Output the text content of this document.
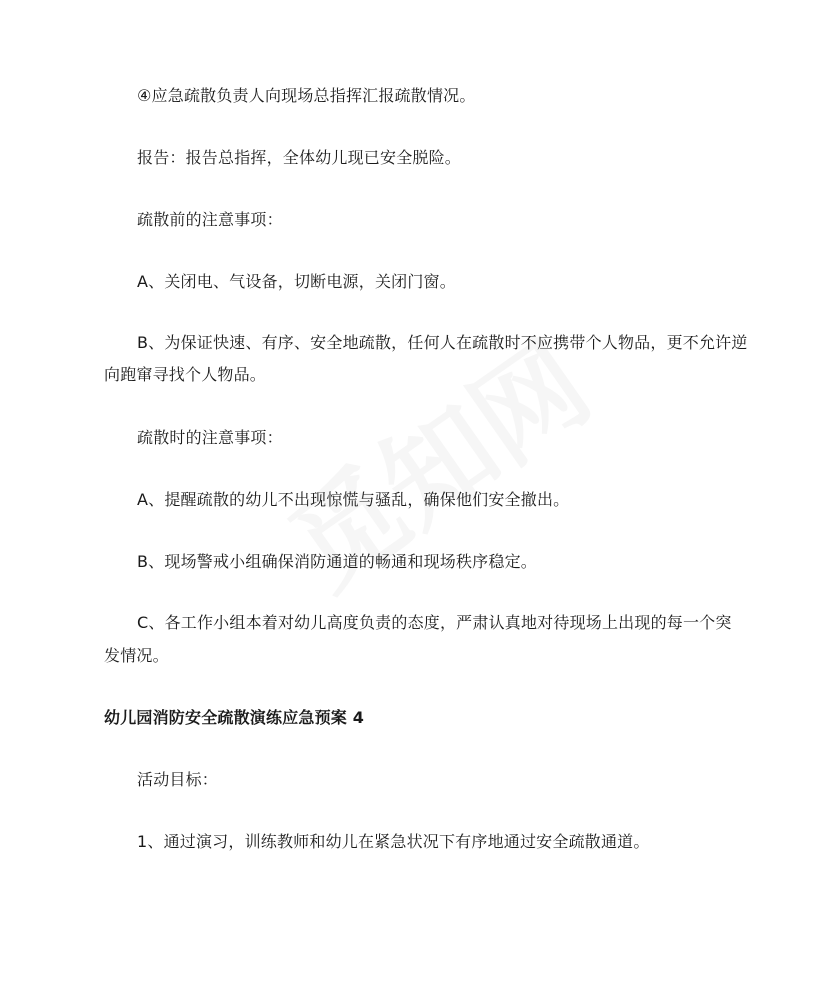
④应急疏散负责人向现场总指挥汇报疏散情况。
报告：报告总指挥，全体幼儿现已安全脱险。
疏散前的注意事项：
A、关闭电、气设备，切断电源，关闭门窗。
B、为保证快速、有序、安全地疏散，任何人在疏散时不应携带个人物品，更不允许逆
向跑窜寻找个人物品。
疏散时的注意事项：
A、提醒疏散的幼儿不出现惊慌与骚乱，确保他们安全撤出。
B、现场警戒小组确保消防通道的畅通和现场秩序稳定。
C、各工作小组本着对幼儿高度负责的态度，严肃认真地对待现场上出现的每一个突
发情况。
幼儿园消防安全疏散演练应急预案 4
活动目标：
1、通过演习，训练教师和幼儿在紧急状况下有序地通过安全疏散通道。
